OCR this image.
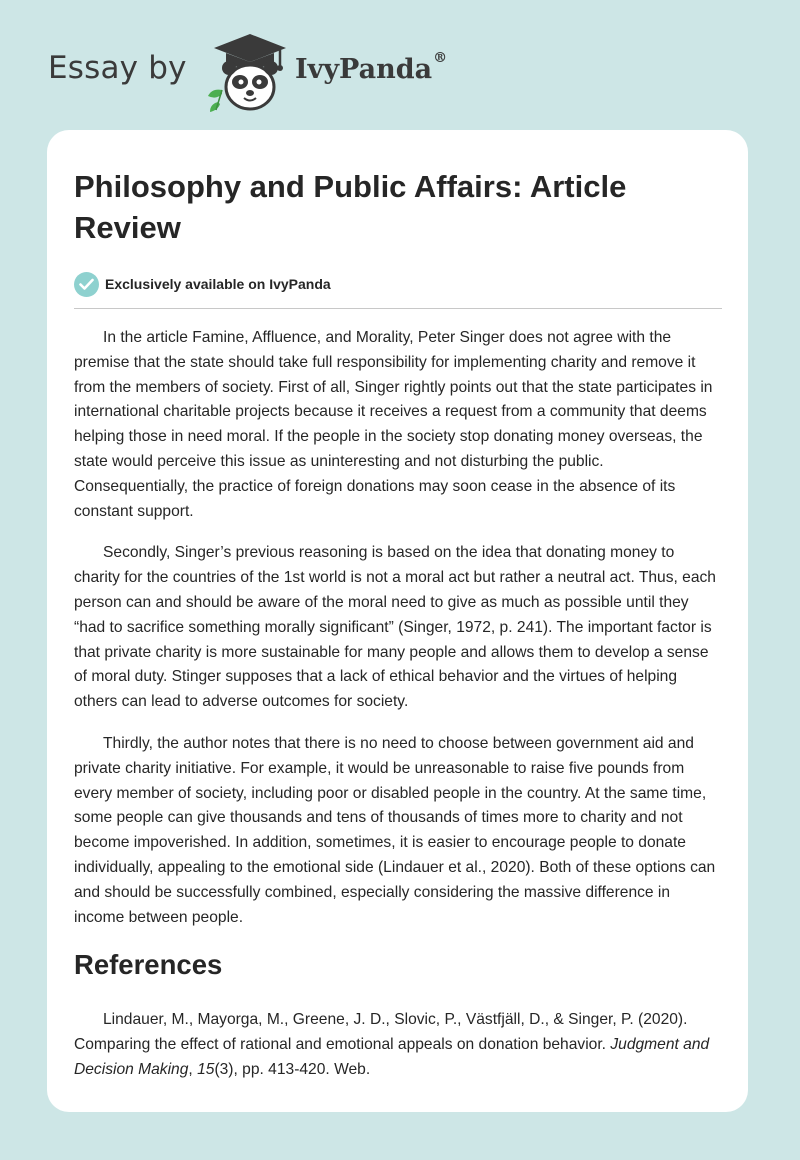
Essay by	IvyPanda®
Philosophy and Public Affairs: Article Review
Exclusively available on IvyPanda

In the article Famine, Affluence, and Morality, Peter Singer does not agree with the premise that the state should take full responsibility for implementing charity and remove it from the members of society. First of all, Singer rightly points out that the state participates in international charitable projects because it receives a request from a community that deems helping those in need moral. If the people in the society stop donating money overseas, the state would perceive this issue as uninteresting and not disturbing the public. Consequentially, the practice of foreign donations may soon cease in the absence of its constant support.

Secondly, Singer’s previous reasoning is based on the idea that donating money to charity for the countries of the 1st world is not a moral act but rather a neutral act. Thus, each person can and should be aware of the moral need to give as much as possible until they “had to sacrifice something morally significant” (Singer, 1972, p. 241). The important factor is that private charity is more sustainable for many people and allows them to develop a sense of moral duty. Stinger supposes that a lack of ethical behavior and the virtues of helping others can lead to adverse outcomes for society.

Thirdly, the author notes that there is no need to choose between government aid and private charity initiative. For example, it would be unreasonable to raise five pounds from every member of society, including poor or disabled people in the country. At the same time, some people can give thousands and tens of thousands of times more to charity and not become impoverished. In addition, sometimes, it is easier to encourage people to donate individually, appealing to the emotional side (Lindauer et al., 2020). Both of these options can and should be successfully combined, especially considering the massive difference in income between people.

References

Lindauer, M., Mayorga, M., Greene, J. D., Slovic, P., Västfjäll, D., & Singer, P. (2020). Comparing the effect of rational and emotional appeals on donation behavior. Judgment and Decision Making, 15(3), pp. 413-420. Web.
